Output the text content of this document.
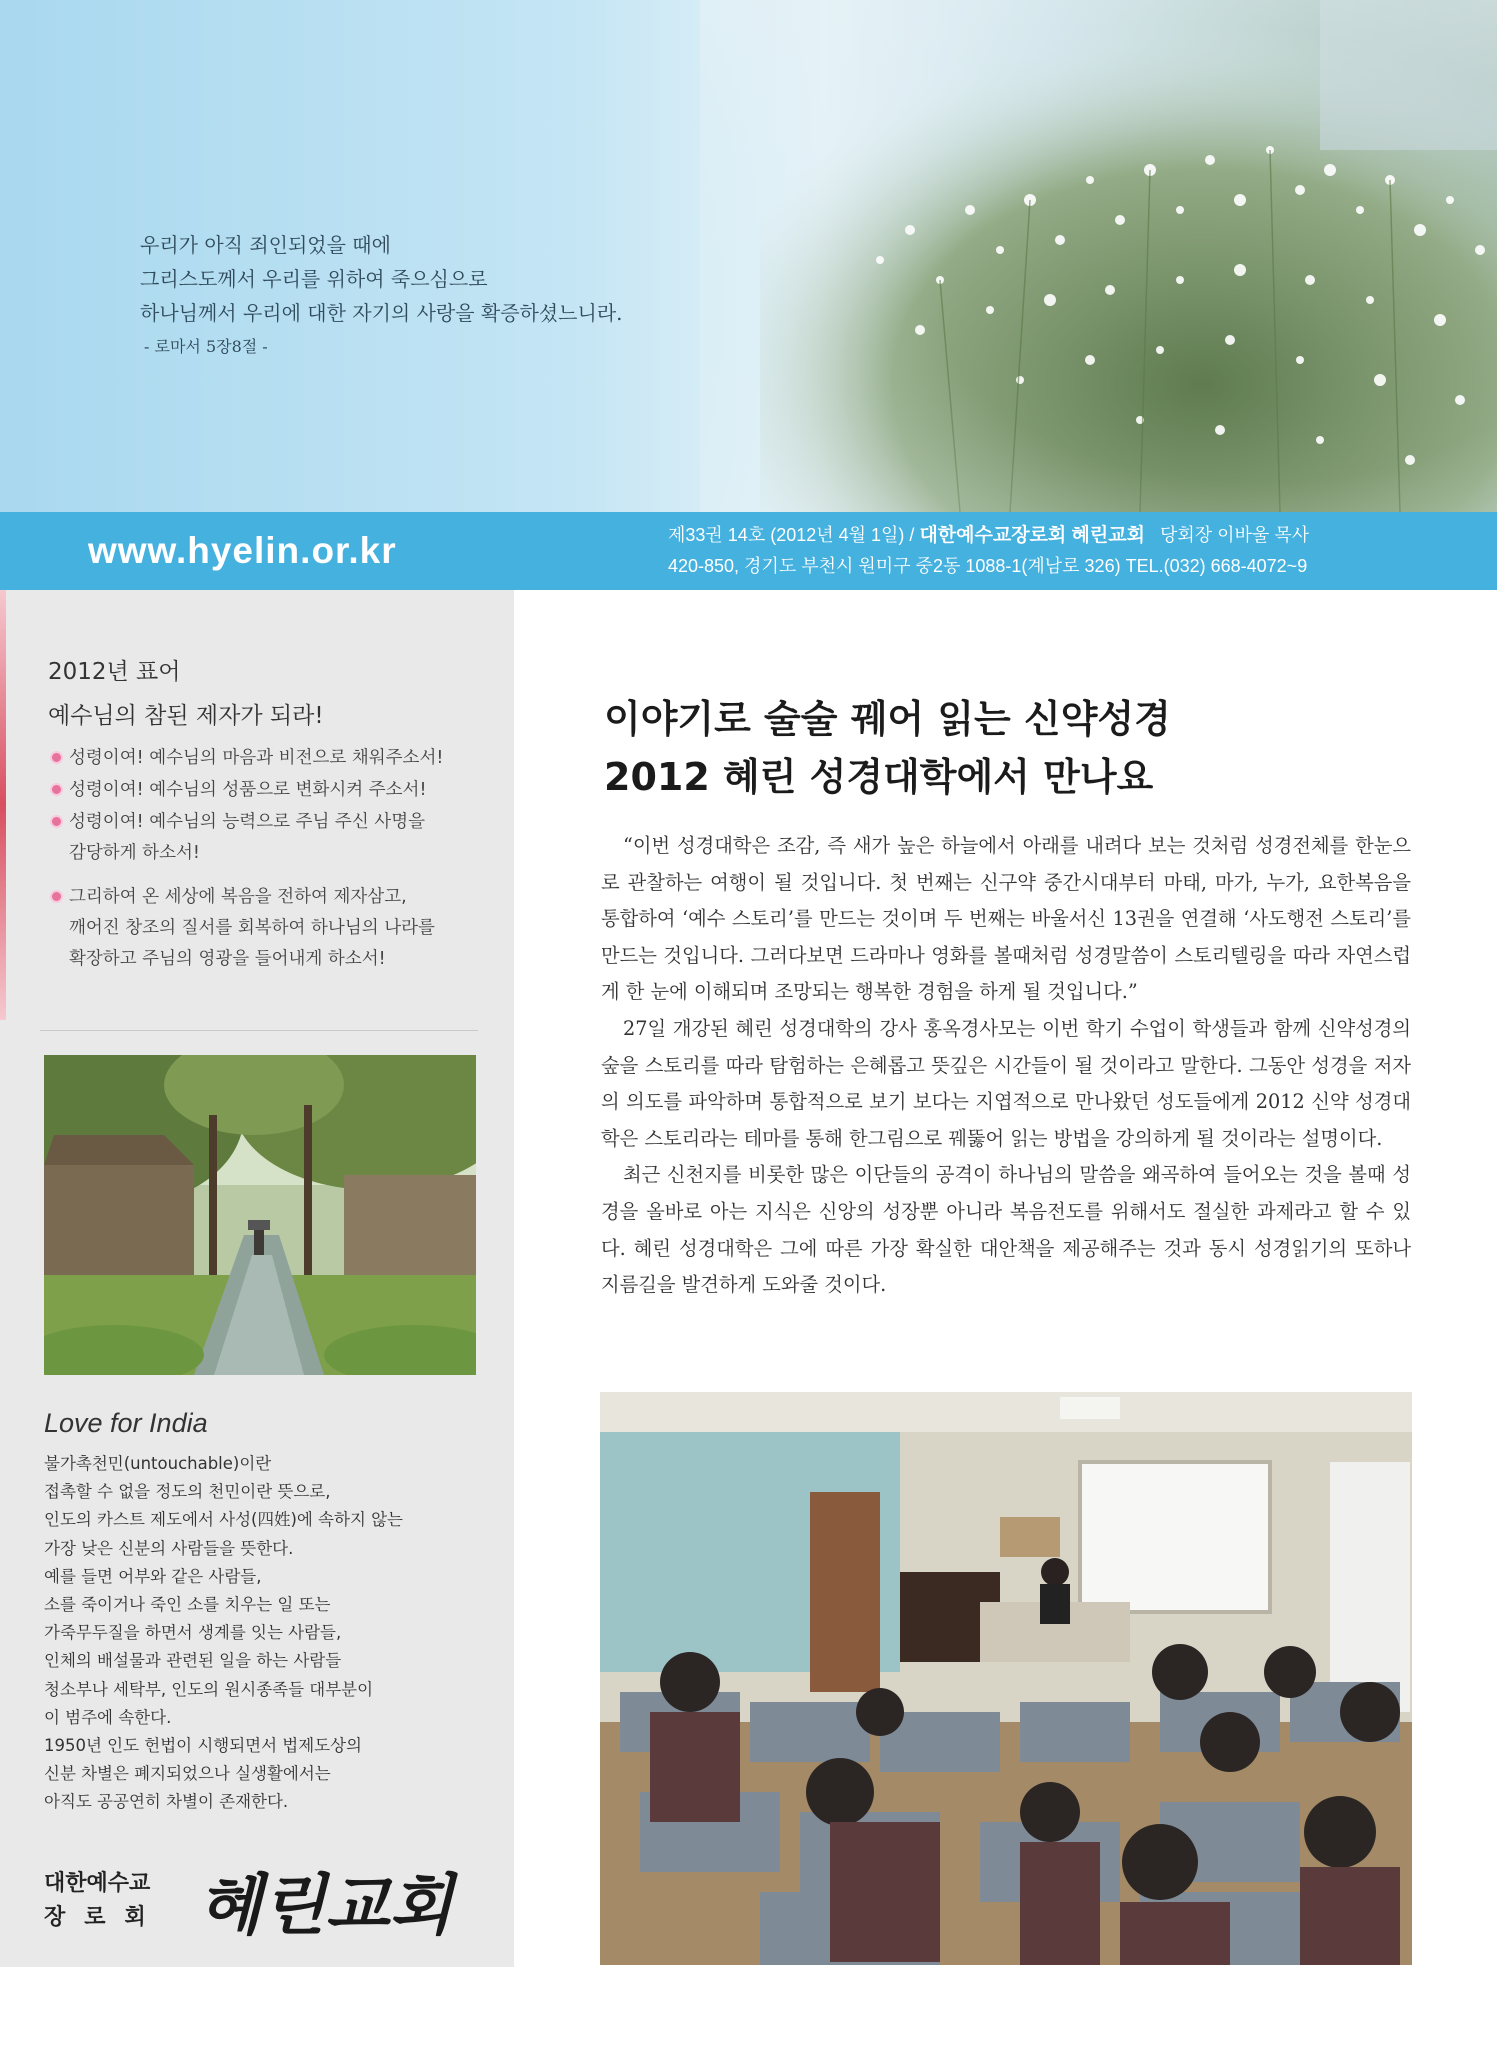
우리가 아직 죄인되었을 때에
그리스도께서 우리를 위하여 죽으심으로
하나님께서 우리에 대한 자기의 사랑을 확증하셨느니라.
- 로마서 5장8절 -
www.hyelin.or.kr	제33권 14호 (2012년 4월 1일) / 대한예수교장로회 혜린교회 당회장 이바울 목사
420-850, 경기도 부천시 원미구 중2동 1088-1(계남로 326) TEL.(032) 668-4072~9
2012년 표어
예수님의 참된 제자가 되라!
성령이여! 예수님의 마음과 비전으로 채워주소서!
성령이여! 예수님의 성품으로 변화시켜 주소서!
성령이여! 예수님의 능력으로 주님 주신 사명을
감당하게 하소서!
그리하여 온 세상에 복음을 전하여 제자삼고,
깨어진 창조의 질서를 회복하여 하나님의 나라를
확장하고 주님의 영광을 들어내게 하소서!
Love for India
불가촉천민(untouchable)이란
접촉할 수 없을 정도의 천민이란 뜻으로,
인도의 카스트 제도에서 사성(四姓)에 속하지 않는
가장 낮은 신분의 사람들을 뜻한다.
예를 들면 어부와 같은 사람들,
소를 죽이거나 죽인 소를 치우는 일 또는
가죽무두질을 하면서 생계를 잇는 사람들,
인체의 배설물과 관련된 일을 하는 사람들
청소부나 세탁부, 인도의 원시종족들 대부분이
이 범주에 속한다.
1950년 인도 헌법이 시행되면서 법제도상의
신분 차별은 폐지되었으나 실생활에서는
아직도 공공연히 차별이 존재한다.
대한예수교
장로회 혜린교회
이야기로 술술 꿰어 읽는 신약성경
2012 혜린 성경대학에서 만나요

“이번 성경대학은 조감, 즉 새가 높은 하늘에서 아래를 내려다 보는 것처럼 성경전체를 한눈으로 관찰하는 여행이 될 것입니다. 첫 번째는 신구약 중간시대부터 마태, 마가, 누가, 요한복음을 통합하여 ‘예수 스토리’를 만드는 것이며 두 번째는 바울서신 13권을 연결해 ‘사도행전 스토리’를 만드는 것입니다. 그러다보면 드라마나 영화를 볼때처럼 성경말씀이 스토리텔링을 따라 자연스럽게 한 눈에 이해되며 조망되는 행복한 경험을 하게 될 것입니다.”

27일 개강된 혜린 성경대학의 강사 홍옥경사모는 이번 학기 수업이 학생들과 함께 신약성경의 숲을 스토리를 따라 탐험하는 은혜롭고 뜻깊은 시간들이 될 것이라고 말한다. 그동안 성경을 저자의 의도를 파악하며 통합적으로 보기 보다는 지엽적으로 만나왔던 성도들에게 2012 신약 성경대학은 스토리라는 테마를 통해 한그림으로 꿰뚫어 읽는 방법을 강의하게 될 것이라는 설명이다.

최근 신천지를 비롯한 많은 이단들의 공격이 하나님의 말씀을 왜곡하여 들어오는 것을 볼때 성경을 올바로 아는 지식은 신앙의 성장뿐 아니라 복음전도를 위해서도 절실한 과제라고 할 수 있다. 혜린 성경대학은 그에 따른 가장 확실한 대안책을 제공해주는 것과 동시 성경읽기의 또하나 지름길을 발견하게 도와줄 것이다.
